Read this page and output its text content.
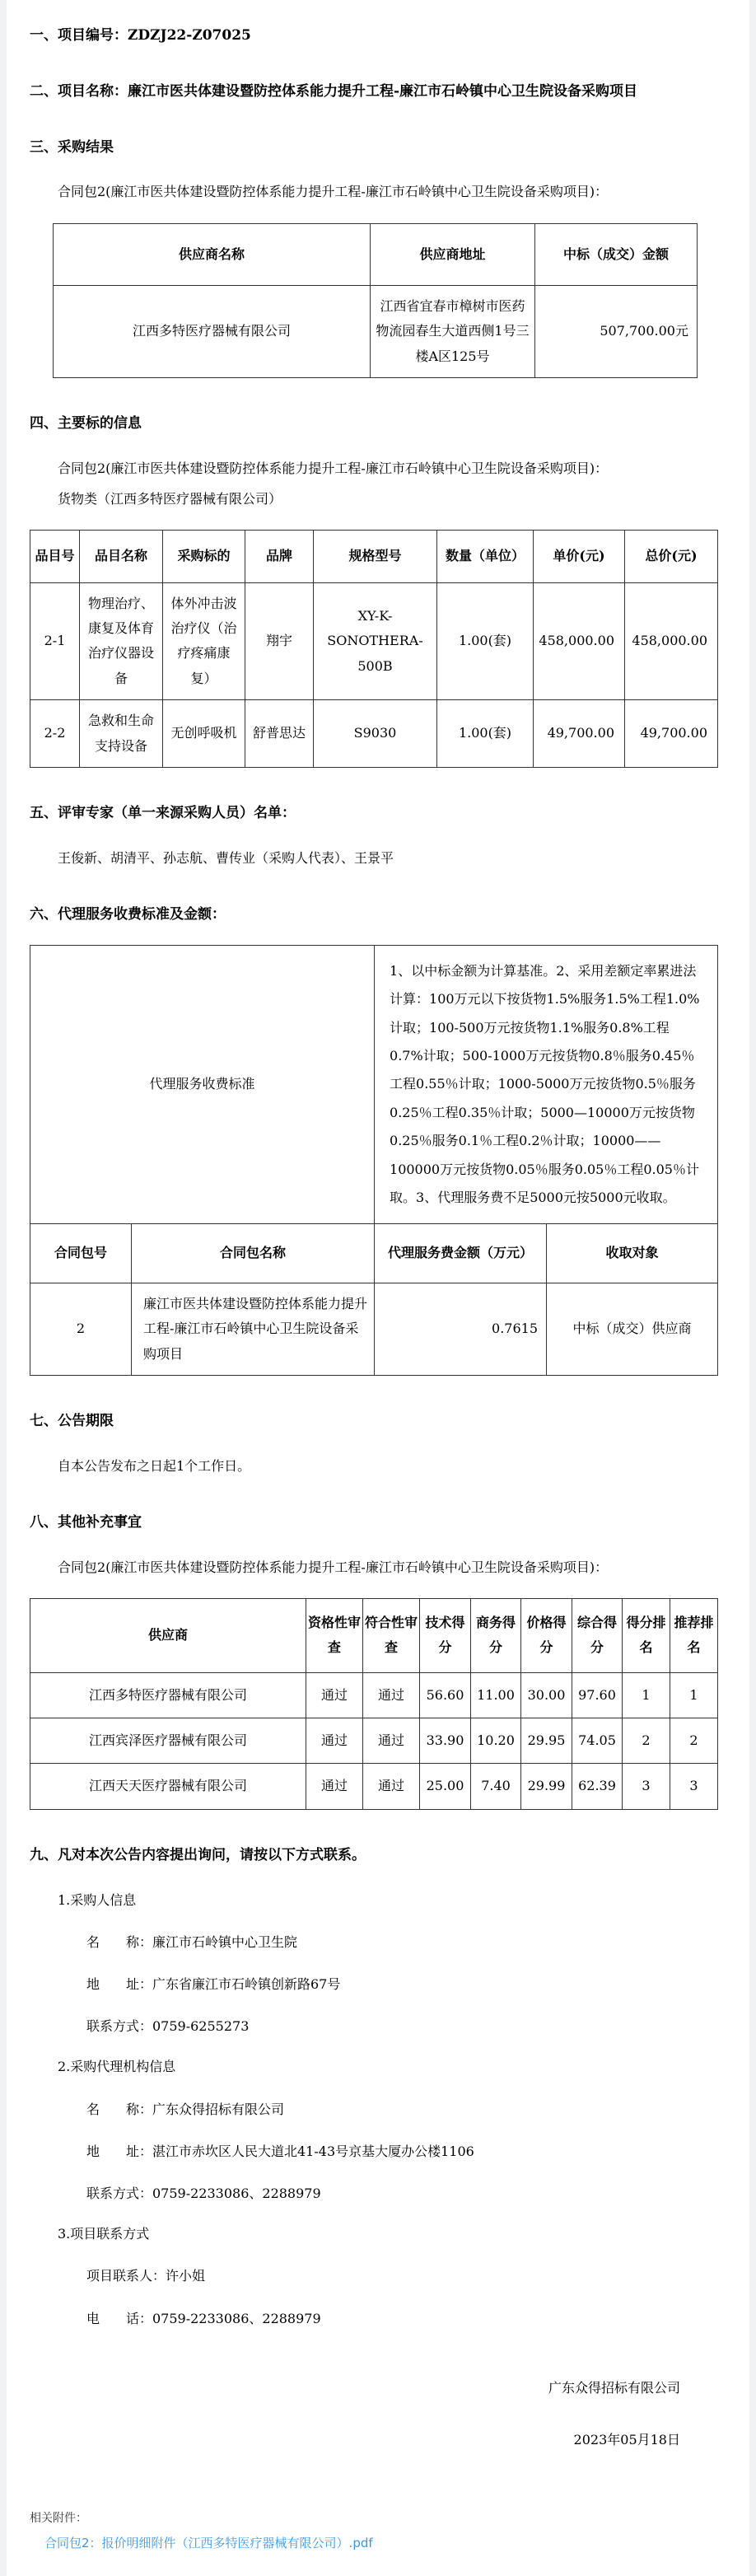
一、项目编号：ZDZJ22-Z07025
二、项目名称：廉江市医共体建设暨防控体系能力提升工程-廉江市石岭镇中心卫生院设备采购项目
三、采购结果
合同包2(廉江市医共体建设暨防控体系能力提升工程-廉江市石岭镇中心卫生院设备采购项目)：
供应商名称	供应商地址	中标（成交）金额
江西多特医疗器械有限公司	江西省宜春市樟树市医药物流园春生大道西侧1号三楼A区125号	507,700.00元
四、主要标的信息
合同包2(廉江市医共体建设暨防控体系能力提升工程-廉江市石岭镇中心卫生院设备采购项目)：
货物类（江西多特医疗器械有限公司）
品目号	品目名称	采购标的	品牌	规格型号	数量（单位）	单价(元)	总价(元)
2-1	物理治疗、康复及体育治疗仪器设备	体外冲击波治疗仪（治疗疼痛康复）	翔宇	XY-K-SONOTHERA-500B	1.00(套)	458,000.00	458,000.00
2-2	急救和生命支持设备	无创呼吸机	舒普思达	S9030	1.00(套)	49,700.00	49,700.00
五、评审专家（单一来源采购人员）名单：
王俊新、胡清平、孙志航、曹传业（采购人代表）、王景平
六、代理服务收费标准及金额：
代理服务收费标准		1、以中标金额为计算基准。2、采用差额定率累进法计算：100万元以下按货物1.5%服务1.5%工程1.0%计取；100-500万元按货物1.1%服务0.8%工程0.7%计取；500-1000万元按货物0.8％服务0.45％工程0.55％计取；1000-5000万元按货物0.5％服务0.25％工程0.35％计取；5000—10000万元按货物0.25％服务0.1％工程0.2％计取；10000——100000万元按货物0.05％服务0.05％工程0.05％计取。3、代理服务费不足5000元按5000元收取。	
合同包号	合同包名称	代理服务费金额（万元）	收取对象
2	廉江市医共体建设暨防控体系能力提升工程-廉江市石岭镇中心卫生院设备采购项目	0.7615	中标（成交）供应商
七、公告期限
自本公告发布之日起1个工作日。
八、其他补充事宜
合同包2(廉江市医共体建设暨防控体系能力提升工程-廉江市石岭镇中心卫生院设备采购项目)：
供应商	资格性审查	符合性审查	技术得分	商务得分	价格得分	综合得分	得分排名	推荐排名
江西多特医疗器械有限公司	通过	通过	56.60	11.00	30.00	97.60	1	1
江西宾泽医疗器械有限公司	通过	通过	33.90	10.20	29.95	74.05	2	2
江西天天医疗器械有限公司	通过	通过	25.00	7.40	29.99	62.39	3	3
九、凡对本次公告内容提出询问，请按以下方式联系。
1.采购人信息
名　　称：廉江市石岭镇中心卫生院
地　　址：广东省廉江市石岭镇创新路67号
联系方式：0759-6255273
2.采购代理机构信息
名　　称：广东众得招标有限公司
地　　址：湛江市赤坎区人民大道北41-43号京基大厦办公楼1106
联系方式：0759-2233086、2288979
3.项目联系方式
项目联系人：许小姐
电　　话：0759-2233086、2288979
广东众得招标有限公司
2023年05月18日
相关附件：
合同包2：报价明细附件（江西多特医疗器械有限公司）.pdf
